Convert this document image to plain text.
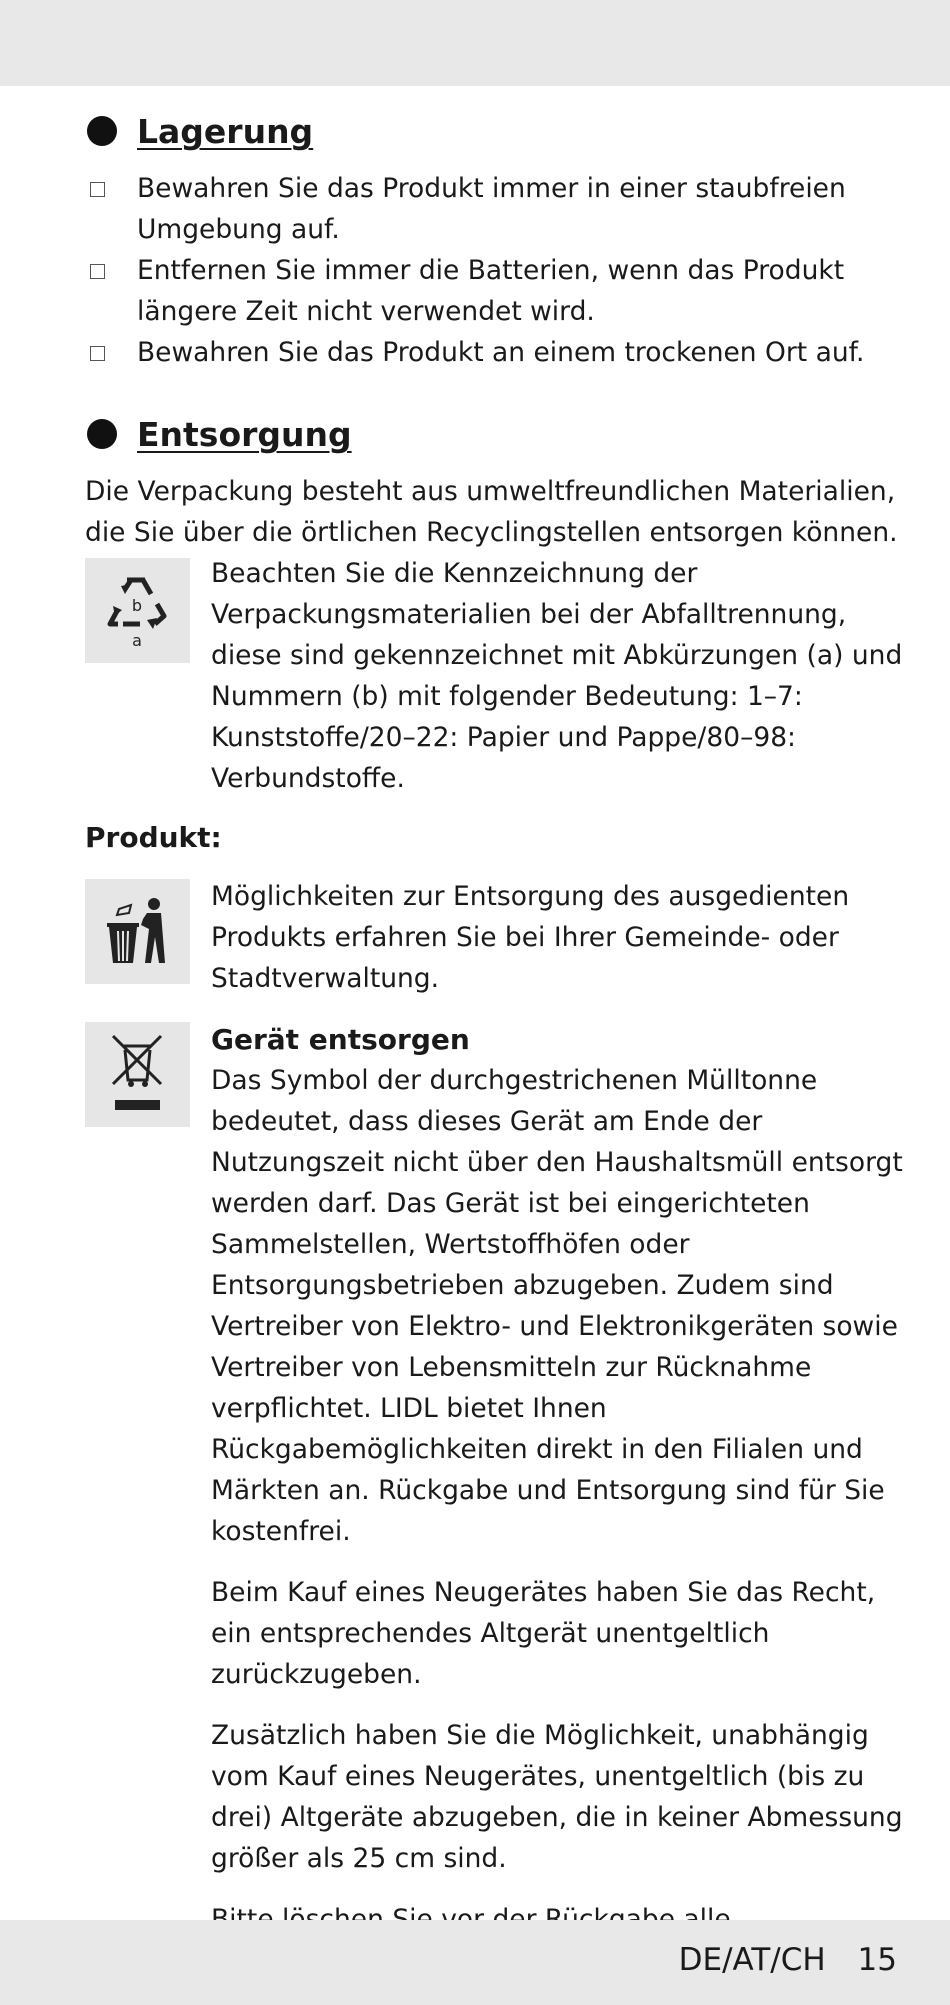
Lagerung
Bewahren Sie das Produkt immer in einer staubfreien Umgebung auf.
Entfernen Sie immer die Batterien, wenn das Produkt längere Zeit nicht verwendet wird.
Bewahren Sie das Produkt an einem trockenen Ort auf.
Entsorgung

Die Verpackung besteht aus umweltfreundlichen Materialien, die Sie über die örtlichen Recyclingstellen entsorgen können.

b
a
Beachten Sie die Kennzeichnung der Verpackungsmaterialien bei der Abfalltrennung, diese sind gekennzeichnet mit Abkürzungen (a) und Nummern (b) mit folgender Bedeutung: 1–7: Kunststoffe/20–22: Papier und Pappe/80–98: Verbundstoffe.
Produkt:
Möglichkeiten zur Entsorgung des ausgedienten Produkts erfahren Sie bei Ihrer Gemeinde- oder Stadtverwaltung.
Gerät entsorgen
Das Symbol der durchgestrichenen Mülltonne bedeutet, dass dieses Gerät am Ende der Nutzungszeit nicht über den Haushaltsmüll entsorgt werden darf. Das Gerät ist bei eingerichteten Sammelstellen, Wertstoffhöfen oder Entsorgungsbetrieben abzugeben. Zudem sind Vertreiber von Elektro- und Elektronikgeräten sowie Vertreiber von Lebensmitteln zur Rücknahme verpflichtet. LIDL bietet Ihnen Rückgabemöglichkeiten direkt in den Filialen und Märkten an. Rückgabe und Entsorgung sind für Sie kostenfrei.
Beim Kauf eines Neugerätes haben Sie das Recht, ein entsprechendes Altgerät unentgeltlich zurückzugeben.
Zusätzlich haben Sie die Möglichkeit, unabhängig vom Kauf eines Neugerätes, unentgeltlich (bis zu drei) Altgeräte abzugeben, die in keiner Abmessung größer als 25 cm sind.
DE/AT/CH 15
